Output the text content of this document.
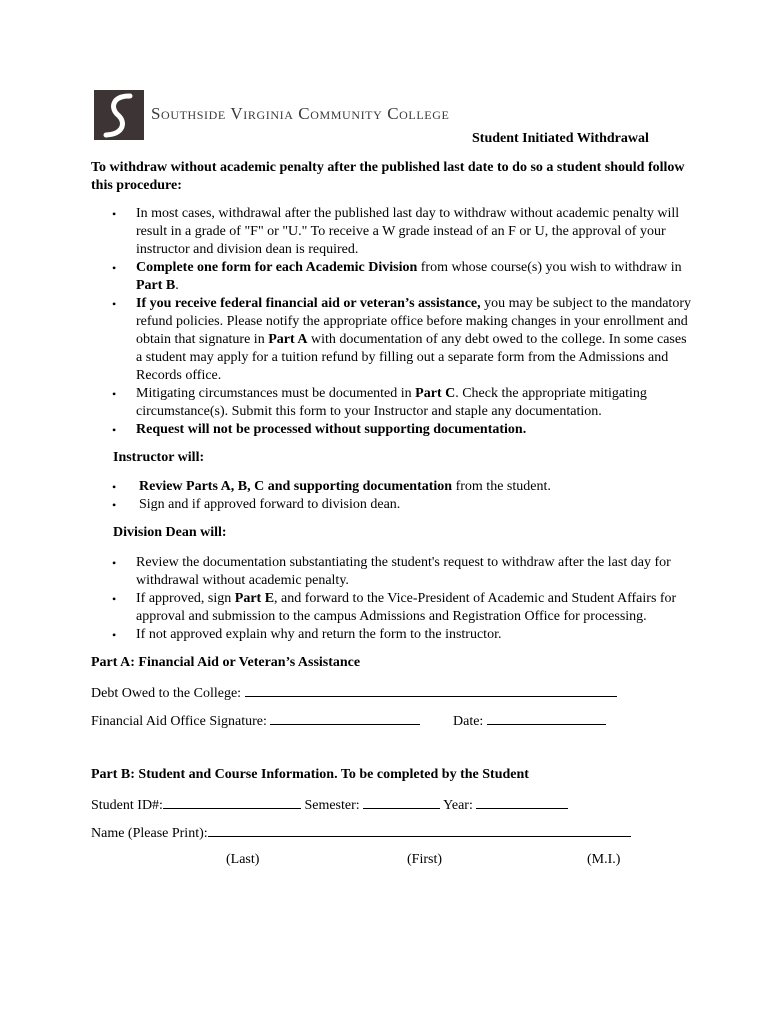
Southside Virginia Community College
Student Initiated Withdrawal
To withdraw without academic penalty after the published last date to do so a student should follow this procedure:
• In most cases, withdrawal after the published last day to withdraw without academic penalty will result in a grade of "F" or "U." To receive a W grade instead of an F or U, the approval of your instructor and division dean is required.
• Complete one form for each Academic Division from whose course(s) you wish to withdraw in Part B.
• If you receive federal financial aid or veteran’s assistance, you may be subject to the mandatory refund policies. Please notify the appropriate office before making changes in your enrollment and obtain that signature in Part A with documentation of any debt owed to the college. In some cases a student may apply for a tuition refund by filling out a separate form from the Admissions and Records office.
• Mitigating circumstances must be documented in Part C. Check the appropriate mitigating circumstance(s). Submit this form to your Instructor and staple any documentation.
• Request will not be processed without supporting documentation.
Instructor will:
• Review Parts A, B, C and supporting documentation from the student.
• Sign and if approved forward to division dean.
Division Dean will:
• Review the documentation substantiating the student's request to withdraw after the last day for withdrawal without academic penalty.
• If approved, sign Part E, and forward to the Vice-President of Academic and Student Affairs for approval and submission to the campus Admissions and Registration Office for processing.
• If not approved explain why and return the form to the instructor.
Part A: Financial Aid or Veteran’s Assistance
Debt Owed to the College:
Financial Aid Office Signature:	Date:
Part B: Student and Course Information. To be completed by the Student
Student ID#:	Semester:	Year:
Name (Please Print):
(Last)	(First)	(M.I.)
